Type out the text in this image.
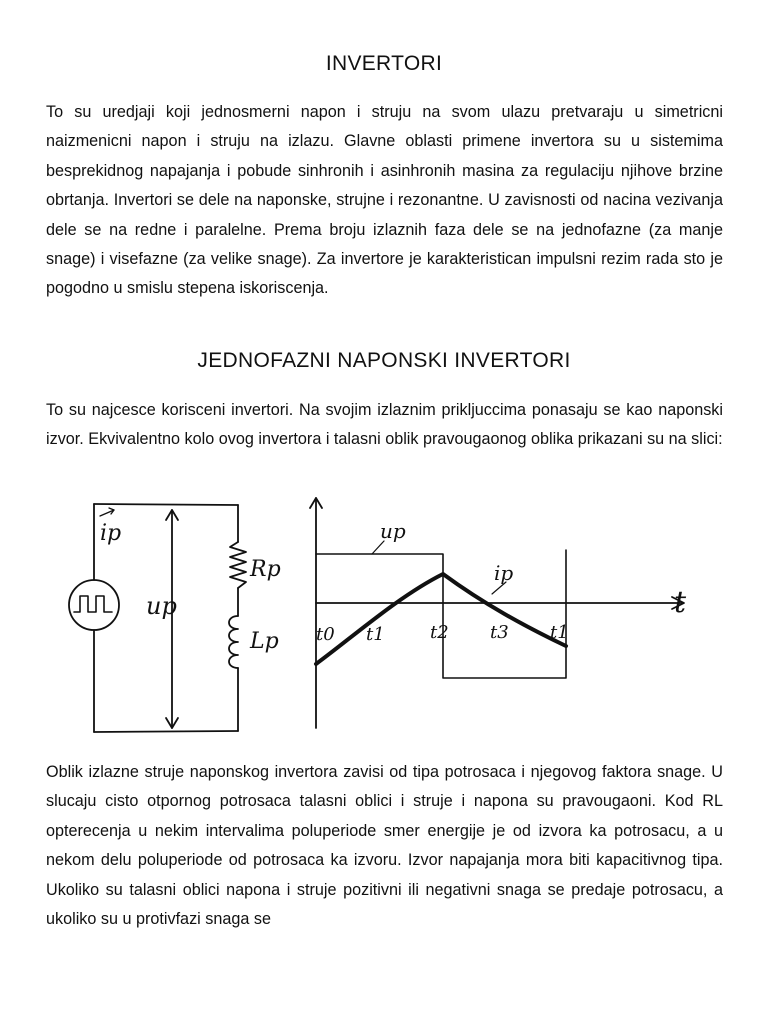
INVERTORI

To su uredjaji koji jednosmerni napon i struju na svom ulazu pretvaraju u simetricni naizmenicni napon i struju na izlazu. Glavne oblasti primene invertora su u sistemima besprekidnog napajanja i pobude sinhronih i asinhronih masina za regulaciju njihove brzine obrtanja. Invertori se dele na naponske, strujne i rezonantne. U zavisnosti od nacina vezivanja dele se na redne i paralelne. Prema broju izlaznih faza dele se na jednofazne (za manje snage) i visefazne (za velike snage). Za invertore je karakteristican impulsni rezim rada sto je pogodno u smislu stepena iskoriscenja.

JEDNOFAZNI NAPONSKI INVERTORI

To su najcesce korisceni invertori. Na svojim izlaznim prikljuccima ponasaju se kao naponski izvor. Ekvivalentno kolo ovog invertora i talasni oblik pravougaonog oblika prikazani su na slici:

ip
up
Rp
Lp
up
ip
t
t0 t1	t2 t3 t1

Oblik izlazne struje naponskog invertora zavisi od tipa potrosaca i njegovog faktora snage. U slucaju cisto otpornog potrosaca talasni oblici i struje i napona su pravougaoni. Kod RL opterecenja u nekim intervalima poluperiode smer energije je od izvora ka potrosacu, a u nekom delu poluperiode od potrosaca ka izvoru. Izvor napajanja mora biti kapacitivnog tipa. Ukoliko su talasni oblici napona i struje pozitivni ili negativni snaga se predaje potrosacu, a ukoliko su u protivfazi snaga se
